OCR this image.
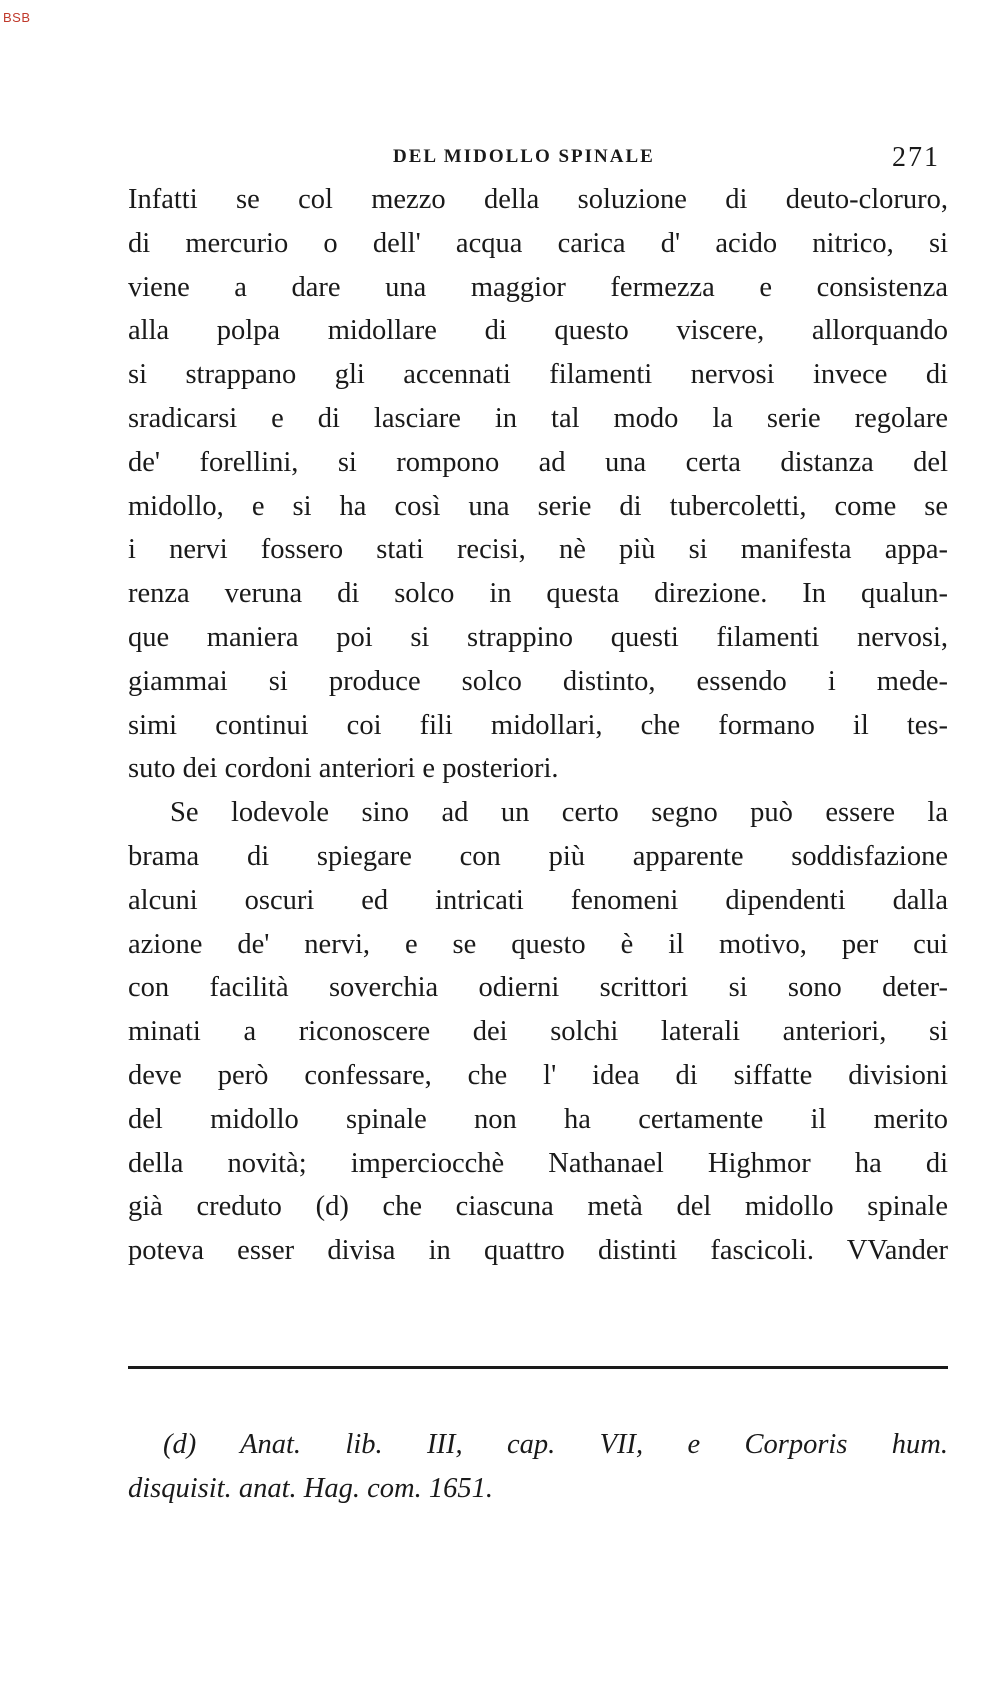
BSB
DEL MIDOLLO SPINALE	271
Infatti se col mezzo della soluzione di deuto-cloruro,
di mercurio o dell' acqua carica d' acido nitrico, si
viene a dare una maggior fermezza e consistenza
alla polpa midollare di questo viscere, allorquando
si strappano gli accennati filamenti nervosi invece di
sradicarsi e di lasciare in tal modo la serie regolare
de' forellini, si rompono ad una certa distanza del
midollo, e si ha così una serie di tubercoletti, come se
i nervi fossero stati recisi, nè più si manifesta appa-
renza veruna di solco in questa direzione. In qualun-
que maniera poi si strappino questi filamenti nervosi,
giammai si produce solco distinto, essendo i mede-
simi continui coi fili midollari, che formano il tes-
suto dei cordoni anteriori e posteriori.
Se lodevole sino ad un certo segno può essere la
brama di spiegare con più apparente soddisfazione
alcuni oscuri ed intricati fenomeni dipendenti dalla
azione de' nervi, e se questo è il motivo, per cui
con facilità soverchia odierni scrittori si sono deter-
minati a riconoscere dei solchi laterali anteriori, si
deve però confessare, che l' idea di siffatte divisioni
del midollo spinale non ha certamente il merito
della novità; imperciocchè Nathanael Highmor ha di
già creduto (d) che ciascuna metà del midollo spinale
poteva esser divisa in quattro distinti fascicoli. VVander
(d) Anat. lib. III, cap. VII, e Corporis hum.
disquisit. anat. Hag. com. 1651.
